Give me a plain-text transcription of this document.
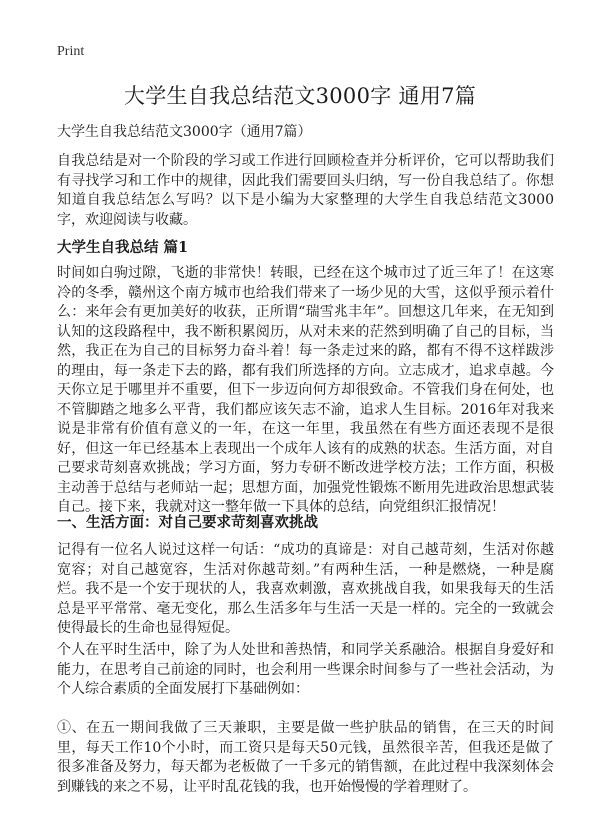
Print
大学生自我总结范文3000字 通用7篇

大学生自我总结范文3000字（通用7篇）

自我总结是对一个阶段的学习或工作进行回顾检查并分析评价，它可以帮助我们有寻找学习和工作中的规律，因此我们需要回头归纳，写一份自我总结了。你想知道自我总结怎么写吗？以下是小编为大家整理的大学生自我总结范文3000字，欢迎阅读与收藏。

大学生自我总结 篇1

时间如白驹过隙，飞逝的非常快！转眼，已经在这个城市过了近三年了！在这寒冷的冬季，赣州这个南方城市也给我们带来了一场少见的大雪，这似乎预示着什么：来年会有更加美好的收获，正所谓“瑞雪兆丰年”。回想这几年来，在无知到认知的这段路程中，我不断积累阅历，从对未来的茫然到明确了自己的目标，当然，我正在为自己的目标努力奋斗着！每一条走过来的路，都有不得不这样跋涉的理由，每一条走下去的路，都有我们所选择的方向。立志成才，追求卓越。今天你立足于哪里并不重要，但下一步迈向何方却很致命。不管我们身在何处，也不管脚踏之地多么平背，我们都应该矢志不渝，追求人生目标。2016年对我来说是非常有价值有意义的一年，在这一年里，我虽然在有些方面还表现不是很好，但这一年已经基本上表现出一个成年人该有的成熟的状态。生活方面，对自己要求苛刻喜欢挑战；学习方面，努力专研不断改进学校方法；工作方面，积极主动善于总结与老师站一起；思想方面，加强党性锻炼不断用先进政治思想武装自己。接下来，我就对这一整年做一下具体的总结，向党组织汇报情况！

一、生活方面：对自己要求苛刻喜欢挑战

记得有一位名人说过这样一句话：“成功的真谛是：对自己越苛刻，生活对你越宽容；对自己越宽容，生活对你越苛刻。”有两种生活，一种是燃烧，一种是腐烂。我不是一个安于现状的人，我喜欢刺激，喜欢挑战自我，如果我每天的生活总是平平常常、毫无变化，那么生活多年与生活一天是一样的。完全的一致就会使得最长的生命也显得短促。

个人在平时生活中，除了为人处世和善热情，和同学关系融洽。根据自身爱好和能力，在思考自己前途的同时，也会利用一些课余时间参与了一些社会活动，为个人综合素质的全面发展打下基础例如：

①、在五一期间我做了三天兼职，主要是做一些护肤品的销售，在三天的时间里，每天工作10个小时，而工资只是每天50元钱，虽然很辛苦，但我还是做了很多准备及努力，每天都为老板做了一千多元的销售额，在此过程中我深刻体会到赚钱的来之不易，让平时乱花钱的我，也开始慢慢的学着理财了。
